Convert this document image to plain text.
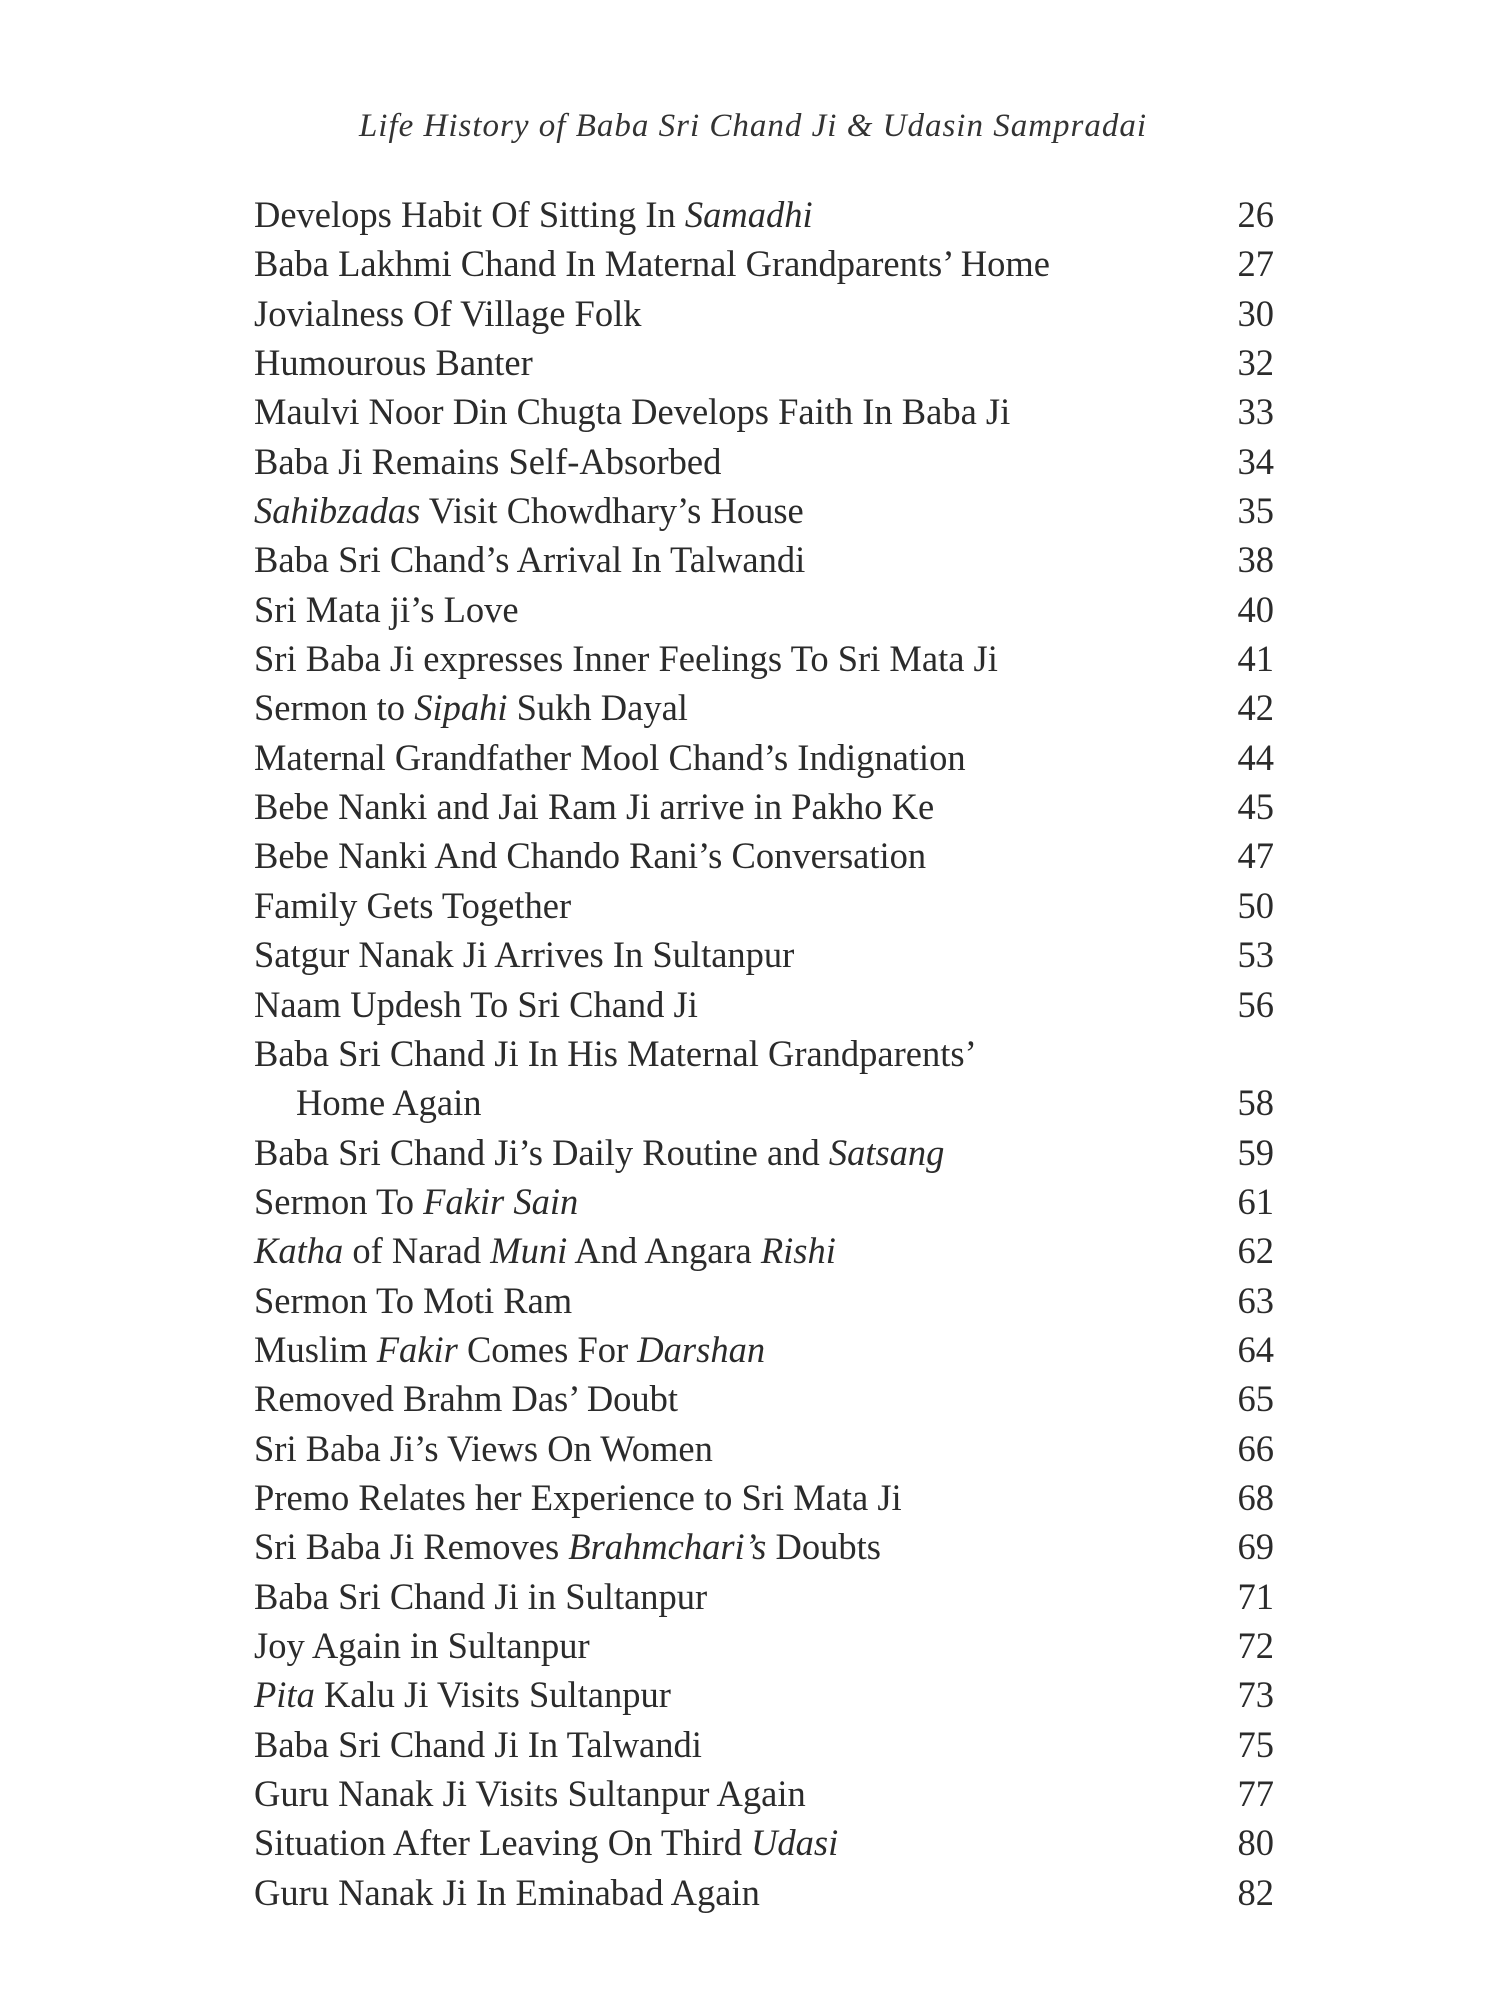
Life History of Baba Sri Chand Ji & Udasin Sampradai
Develops Habit Of Sitting In Samadhi	26
Baba Lakhmi Chand In Maternal Grandparents’ Home	27
Jovialness Of Village Folk	30
Humourous Banter	32
Maulvi Noor Din Chugta Develops Faith In Baba Ji	33
Baba Ji Remains Self-Absorbed	34
Sahibzadas Visit Chowdhary’s House	35
Baba Sri Chand’s Arrival In Talwandi	38
Sri Mata ji’s Love	40
Sri Baba Ji expresses Inner Feelings To Sri Mata Ji	41
Sermon to Sipahi Sukh Dayal	42
Maternal Grandfather Mool Chand’s Indignation	44
Bebe Nanki and Jai Ram Ji arrive in Pakho Ke	45
Bebe Nanki And Chando Rani’s Conversation	47
Family Gets Together	50
Satgur Nanak Ji Arrives In Sultanpur	53
Naam Updesh To Sri Chand Ji	56
Baba Sri Chand Ji In His Maternal Grandparents’
Home Again	58
Baba Sri Chand Ji’s Daily Routine and Satsang	59
Sermon To Fakir Sain	61
Katha of Narad Muni And Angara Rishi	62
Sermon To Moti Ram	63
Muslim Fakir Comes For Darshan	64
Removed Brahm Das’ Doubt	65
Sri Baba Ji’s Views On Women	66
Premo Relates her Experience to Sri Mata Ji	68
Sri Baba Ji Removes Brahmchari’s Doubts	69
Baba Sri Chand Ji in Sultanpur	71
Joy Again in Sultanpur	72
Pita Kalu Ji Visits Sultanpur	73
Baba Sri Chand Ji In Talwandi	75
Guru Nanak Ji Visits Sultanpur Again	77
Situation After Leaving On Third Udasi	80
Guru Nanak Ji In Eminabad Again	82
